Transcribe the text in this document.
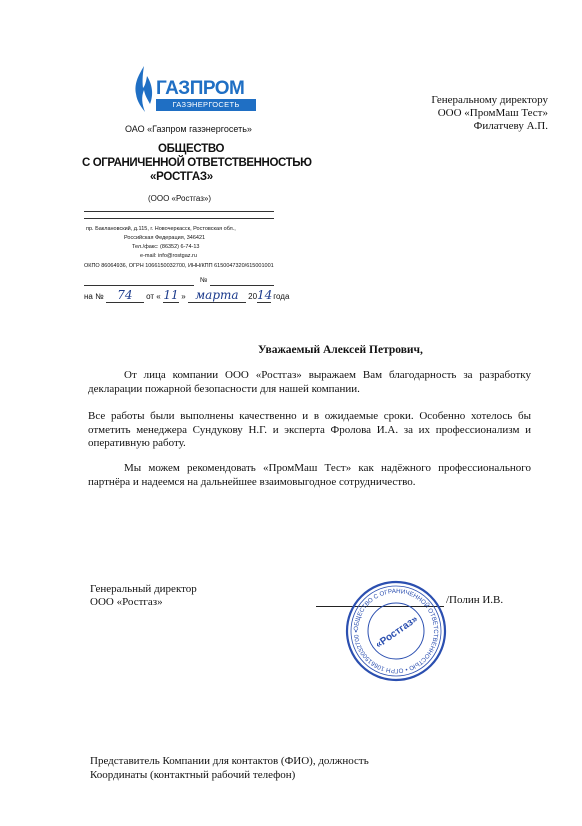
ГАЗПРОМ
ГАЗЭНЕРГОСЕТЬ
ОАО «Газпром газэнергосеть»
ОБЩЕСТВО
С ОГРАНИЧЕННОЙ ОТВЕТСТВЕННОСТЬЮ
«РОСТГАЗ»
(ООО «Ростгаз»)
пр. Баклановский, д.115, г. Новочеркасск, Ростовская обл.,
Российская Федерация, 346421
Тел./факс: (86352) 6-74-13
e-mail: info@rostgaz.ru
ОКПО 86064936, ОГРН 1066150032700, ИНН/КПП 6150047320/615001001
№
на № 74 от « 11 » марта 2014 года
Генеральному директору
ООО «ПромМаш Тест»
Филатчеву А.П.
Уважаемый Алексей Петрович,
От лица компании ООО «Ростгаз» выражаем Вам благодарность за разработку декларации пожарной безопасности для нашей компании.
Все работы были выполнены качественно и в ожидаемые сроки. Особенно хотелось бы отметить менеджера Сундукову Н.Г. и эксперта Фролова И.А. за их профессионализм и оперативную работу.
Мы можем рекомендовать «ПромМаш Тест» как надёжного профессионального партнёра и надеемся на дальнейшее взаимовыгодное сотрудничество.
Генеральный директор
ООО «Ростгаз»	/Полин И.В.
ОБЩЕСТВО С ОГРАНИЧЕННОЙ ОТВЕТСТВЕННОСТЬЮ • ОГРН 1066150032700 •	«Ростгаз»
Представитель Компании для контактов (ФИО), должность
Координаты (контактный рабочий телефон)
